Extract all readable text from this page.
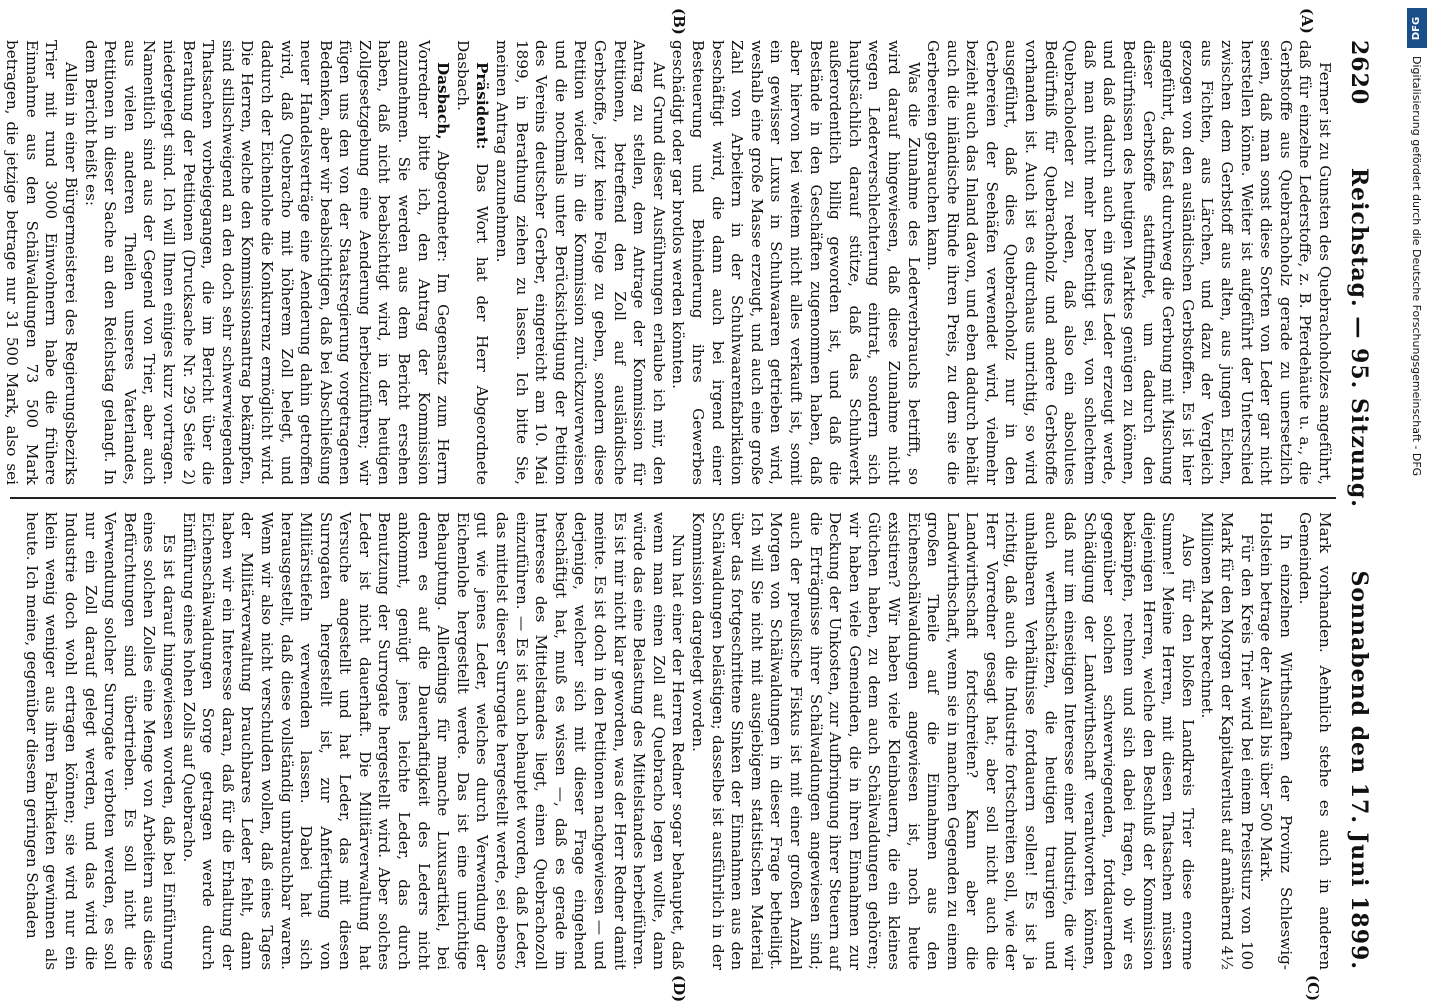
2620
Reichstag. — 95. Sitzung.
Sonnabend den 17. Juni 1899.
(A)
(B)
(C)
(D)

Ferner ist zu Gunsten des Quebrachoholzes angeführt, daß für einzelne Lederstoffe, z. B. Pferdehäute u. a., die Gerbstoffe aus Quebrachoholz gerade zu unersetzlich seien, daß man sonst diese Sorten von Leder gar nicht herstellen könne. Weiter ist aufgeführt der Unterschied zwischen dem Gerbstoff aus alten, aus jungen Eichen, aus Fichten, aus Lärchen, und dazu der Vergleich gezogen von den ausländischen Gerbstoffen. Es ist hier angeführt, daß fast durchweg die Gerbung mit Mischung dieser Gerbstoffe stattfindet, um dadurch den Bedürfnissen des heutigen Marktes genügen zu können, und daß dadurch auch ein gutes Leder erzeugt werde, daß man nicht mehr berechtigt sei, von schlechtem Quebracholeder zu reden, daß also ein absolutes Bedürfniß für Quebrachoholz und andere Gerbstoffe vorhanden ist. Auch ist es durchaus unrichtig, so wird ausgeführt, daß dies Quebrachoholz nur in den Gerbereien der Seehäfen verwendet wird, vielmehr bezieht auch das Inland davon, und eben dadurch behält auch die inländische Rinde ihren Preis, zu dem sie die Gerbereien gebrauchen kann.

Was die Zunahme des Lederverbrauchs betrifft, so wird darauf hingewiesen, daß diese Zunahme nicht wegen Lederverschlechterung eintrat, sondern sich hauptsächlich darauf stütze, daß das Schuhwerk außerordentlich billig geworden ist, und daß die Bestände in den Geschäften zugenommen haben, daß aber hiervon bei weitem nicht alles verkauft ist, somit ein gewisser Luxus in Schuhwaaren getrieben wird, weshalb eine große Masse erzeugt, und auch eine große Zahl von Arbeitern in der Schuhwaarenfabrikation beschäftigt wird, die dann auch bei irgend einer Besteuerung und Behinderung ihres Gewerbes geschädigt oder gar brotlos werden könnten.

Auf Grund dieser Ausführungen erlaube ich mir, den Antrag zu stellen, dem Antrage der Kommission für Petitionen, betreffend den Zoll auf ausländische Gerbstoffe, jetzt keine Folge zu geben, sondern diese Petition wieder in die Kommission zurückzuverweisen und die nochmals unter Berücksichtigung der Petition des Vereins deutscher Gerber, eingereicht am 10. Mai 1899, in Berathung ziehen zu lassen. Ich bitte Sie, meinen Antrag anzunehmen.

Präsident: Das Wort hat der Herr Abgeordnete Dasbach.

Dasbach, Abgeordneter: Im Gegensatz zum Herrn Vorredner bitte ich, den Antrag der Kommission anzunehmen. Sie werden aus dem Bericht ersehen haben, daß nicht beabsichtigt wird, in der heutigen Zollgesetzgebung eine Aenderung herbeizuführen; wir fügen uns den von der Staatsregierung vorgetragenen Bedenken, aber wir beabsichtigen, daß bei Abschließung neuer Handelsverträge eine Aenderung dahin getroffen wird, daß Quebracho mit höherem Zoll belegt, und dadurch der Eichenlohe die Konkurrenz ermöglicht wird. Die Herren, welche den Kommissionsantrag bekämpfen, sind stillschweigend an den doch sehr schwerwiegenden Thatsachen vorbeigegangen, die im Bericht über die Berathung der Petitionen (Drucksache Nr. 295 Seite 2) niedergelegt sind. Ich will Ihnen einiges kurz vortragen. Namentlich sind aus der Gegend von Trier, aber auch aus vielen anderen Theilen unseres Vaterlandes, Petitionen in dieser Sache an den Reichstag gelangt. In dem Bericht heißt es:

Allein in einer Bürgermeisterei des Regierungsbezirks Trier mit rund 3000 Einwohnern habe die frühere Einnahme aus den Schälwaldungen 73 500 Mark betragen, die jetzige betrage nur 31 500 Mark, also sei

Mark vorhanden. Aehnlich stehe es auch in anderen Gemeinden.

In einzelnen Wirthschaften der Provinz Schleswig-Holstein betrage der Ausfall bis über 500 Mark.

Für den Kreis Trier wird bei einem Preissturz von 100 Mark für den Morgen der Kapitalverlust auf annähernd 4½ Millionen Mark berechnet.

Also für den bloßen Landkreis Trier diese enorme Summe! Meine Herren, mit diesen Thatsachen müssen diejenigen Herren, welche den Beschluß der Kommission bekämpfen, rechnen und sich dabei fragen, ob wir es gegenüber solchen schwerwiegenden, fortdauernden Schädigung der Landwirthschaft verantworten können, daß nur im einseitigen Interesse einer Industrie, die wir auch werthschätzen, die heutigen traurigen und unhaltbaren Verhältnisse fortdauern sollen! Es ist ja richtig, daß auch die Industrie fortschreiten soll, wie der Herr Vorredner gesagt hat; aber soll nicht auch die Landwirthschaft fortschreiten? Kann aber die Landwirthschaft, wenn sie in manchen Gegenden zu einem großen Theile auf die Einnahmen aus den Eichenschälwaldungen angewiesen ist, noch heute existiren? Wir haben viele Kleinbauern, die ein kleines Gütchen haben, zu dem auch Schälwaldungen gehören; wir haben viele Gemeinden, die in ihren Einnahmen zur Deckung der Unkosten, zur Aufbringung ihrer Steuern auf die Erträgnisse ihrer Schälwaldungen angewiesen sind; auch der preußische Fiskus ist mit einer großen Anzahl Morgen von Schälwaldungen in dieser Frage betheiligt. Ich will Sie nicht mit ausgiebigem statistischen Material über das fortgeschrittene Sinken der Einnahmen aus den Schälwaldungen belästigen; dasselbe ist ausführlich in der Kommission dargelegt worden.

Nun hat einer der Herren Redner sogar behauptet, daß wenn man einen Zoll auf Quebracho legen wollte, dann würde das eine Belastung des Mittelstandes herbeiführen. Es ist mir nicht klar geworden, was der Herr Redner damit meinte. Es ist doch in den Petitionen nachgewiesen — und derjenige, welcher sich mit dieser Frage eingehend beschäftigt hat, muß es wissen —, daß es gerade im Interesse des Mittelstandes liegt, einen Quebrachozoll einzuführen. — Es ist auch behauptet worden, daß Leder, das mittelst dieser Surrogate hergestellt werde, sei ebenso gut wie jenes Leder, welches durch Verwendung der Eichenlohe hergestellt werde. Das ist eine unrichtige Behauptung. Allerdings für manche Luxusartikel, bei denen es auf die Dauerhaftigkeit des Leders nicht ankommt, genügt jenes leichte Leder, das durch Benutzung der Surrogate hergestellt wird. Aber solches Leder ist nicht dauerhaft. Die Militärverwaltung hat Versuche angestellt und hat Leder, das mit diesen Surrogaten hergestellt ist, zur Anfertigung von Militärstiefeln verwenden lassen. Dabei hat sich herausgestellt, daß diese vollständig unbrauchbar waren. Wenn wir also nicht verschulden wollen, daß eines Tages der Militärverwaltung brauchbares Leder fehlt, dann haben wir ein Interesse daran, daß für die Erhaltung der Eichenschälwaldungen Sorge getragen werde durch Einführung eines hohen Zolls auf Quebracho.

Es ist darauf hingewiesen worden, daß bei Einführung eines solchen Zolles eine Menge von Arbeitern aus diese Befürchtungen sind übertrieben. Es soll nicht die Verwendung solcher Surrogate verboten werden, es soll nur ein Zoll darauf gelegt werden, und das wird die Industrie doch wohl ertragen können; sie wird nur ein klein wenig weniger aus ihren Fabrikaten gewinnen als heute. Ich meine, gegenüber diesem geringen Schaden

DFG
Digitalisierung gefördert durch die Deutsche Forschungsgemeinschaft - DFG
